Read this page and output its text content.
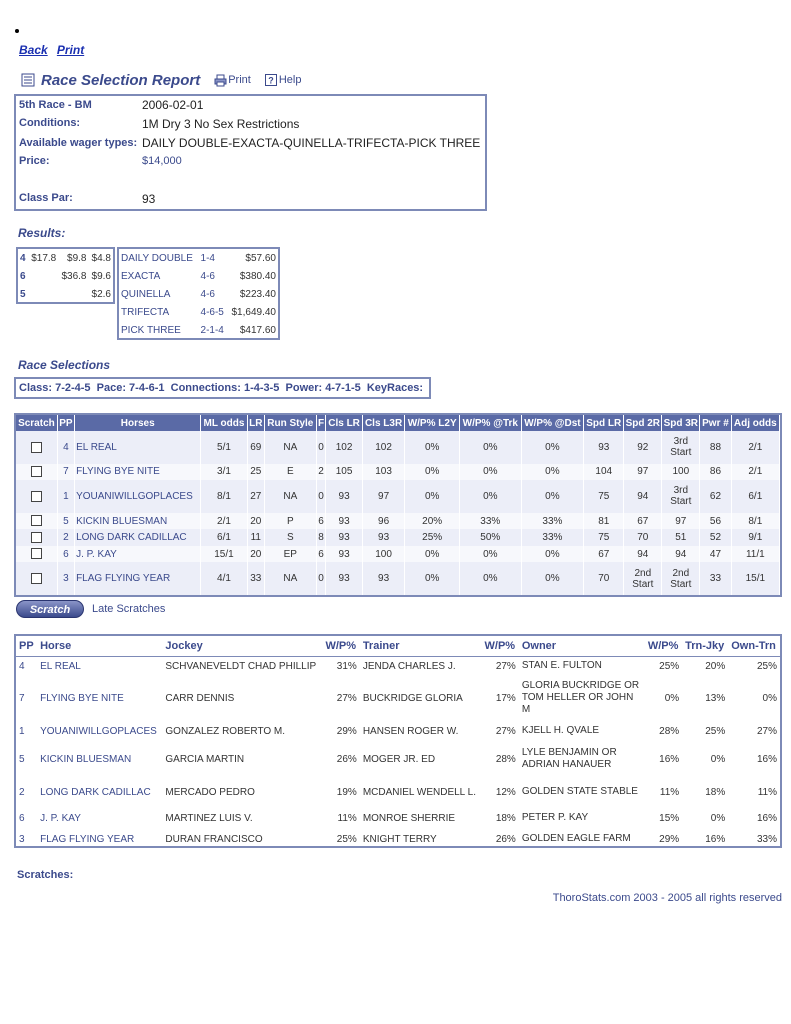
Back Print
Race Selection Report	Print ? Help
5th Race - BM	2006-02-01
Conditions:	1M Dry 3 No Sex Restrictions
Available wager types: DAILY DOUBLE-EXACTA-QUINELLA-TRIFECTA-PICK THREE
Price:	$14,000
Class Par:	93
Results:
4	$17.8	$9.8	$4.8
6		$36.8	$9.6
5			$2.6
DAILY DOUBLE	1-4	$57.60
EXACTA	4-6	$380.40
QUINELLA	4-6	$223.40
TRIFECTA	4-6-5	$1,649.40
PICK THREE	2-1-4	$417.60
Race Selections
Class: 7-2-4-5  Pace: 7-4-6-1  Connections: 1-4-3-5  Power: 4-7-1-5  KeyRaces:
Scratch	PP	Horses	ML odds	LR	Run Style	F	Cls LR	Cls L3R	W/P% L2Y	W/P% @Trk	W/P% @Dst	Spd LR	Spd 2R	Spd 3R	Pwr #	Adj odds
	4	EL REAL	5/1	69	NA	0	102	102	0%	0%	0%	93	92	3rd Start	88	2/1
	7	FLYING BYE NITE	3/1	25	E	2	105	103	0%	0%	0%	104	97	100	86	2/1
	1	YOUANIWILLGOPLACES	8/1	27	NA	0	93	97	0%	0%	0%	75	94	3rd Start	62	6/1
	5	KICKIN BLUESMAN	2/1	20	P	6	93	96	20%	33%	33%	81	67	97	56	8/1
	2	LONG DARK CADILLAC	6/1	11	S	8	93	93	25%	50%	33%	75	70	51	52	9/1
	6	J. P. KAY	15/1	20	EP	6	93	100	0%	0%	0%	67	94	94	47	11/1
	3	FLAG FLYING YEAR	4/1	33	NA	0	93	93	0%	0%	0%	70	2nd Start	2nd Start	33	15/1
Scratch	Late Scratches
PP	Horse	Jockey	W/P%	Trainer	W/P%	Owner	W/P%	Trn-Jky	Own-Trn
4	EL REAL	SCHVANEVELDT CHAD PHILLIP	31%	JENDA CHARLES J.	27%	STAN E. FULTON	25%	20%	25%
7	FLYING BYE NITE	CARR DENNIS	27%	BUCKRIDGE GLORIA	17%	GLORIA BUCKRIDGE OR TOM HELLER OR JOHN M	0%	13%	0%
1	YOUANIWILLGOPLACES	GONZALEZ ROBERTO M.	29%	HANSEN ROGER W.	27%	KJELL H. QVALE	28%	25%	27%
5	KICKIN BLUESMAN	GARCIA MARTIN	26%	MOGER JR. ED	28%	LYLE BENJAMIN OR ADRIAN HANAUER	16%	0%	16%
2	LONG DARK CADILLAC	MERCADO PEDRO	19%	MCDANIEL WENDELL L.	12%	GOLDEN STATE STABLE	11%	18%	11%
6	J. P. KAY	MARTINEZ LUIS V.	11%	MONROE SHERRIE	18%	PETER P. KAY	15%	0%	16%
3	FLAG FLYING YEAR	DURAN FRANCISCO	25%	KNIGHT TERRY	26%	GOLDEN EAGLE FARM	29%	16%	33%
Scratches:
ThoroStats.com 2003 - 2005 all rights reserved
